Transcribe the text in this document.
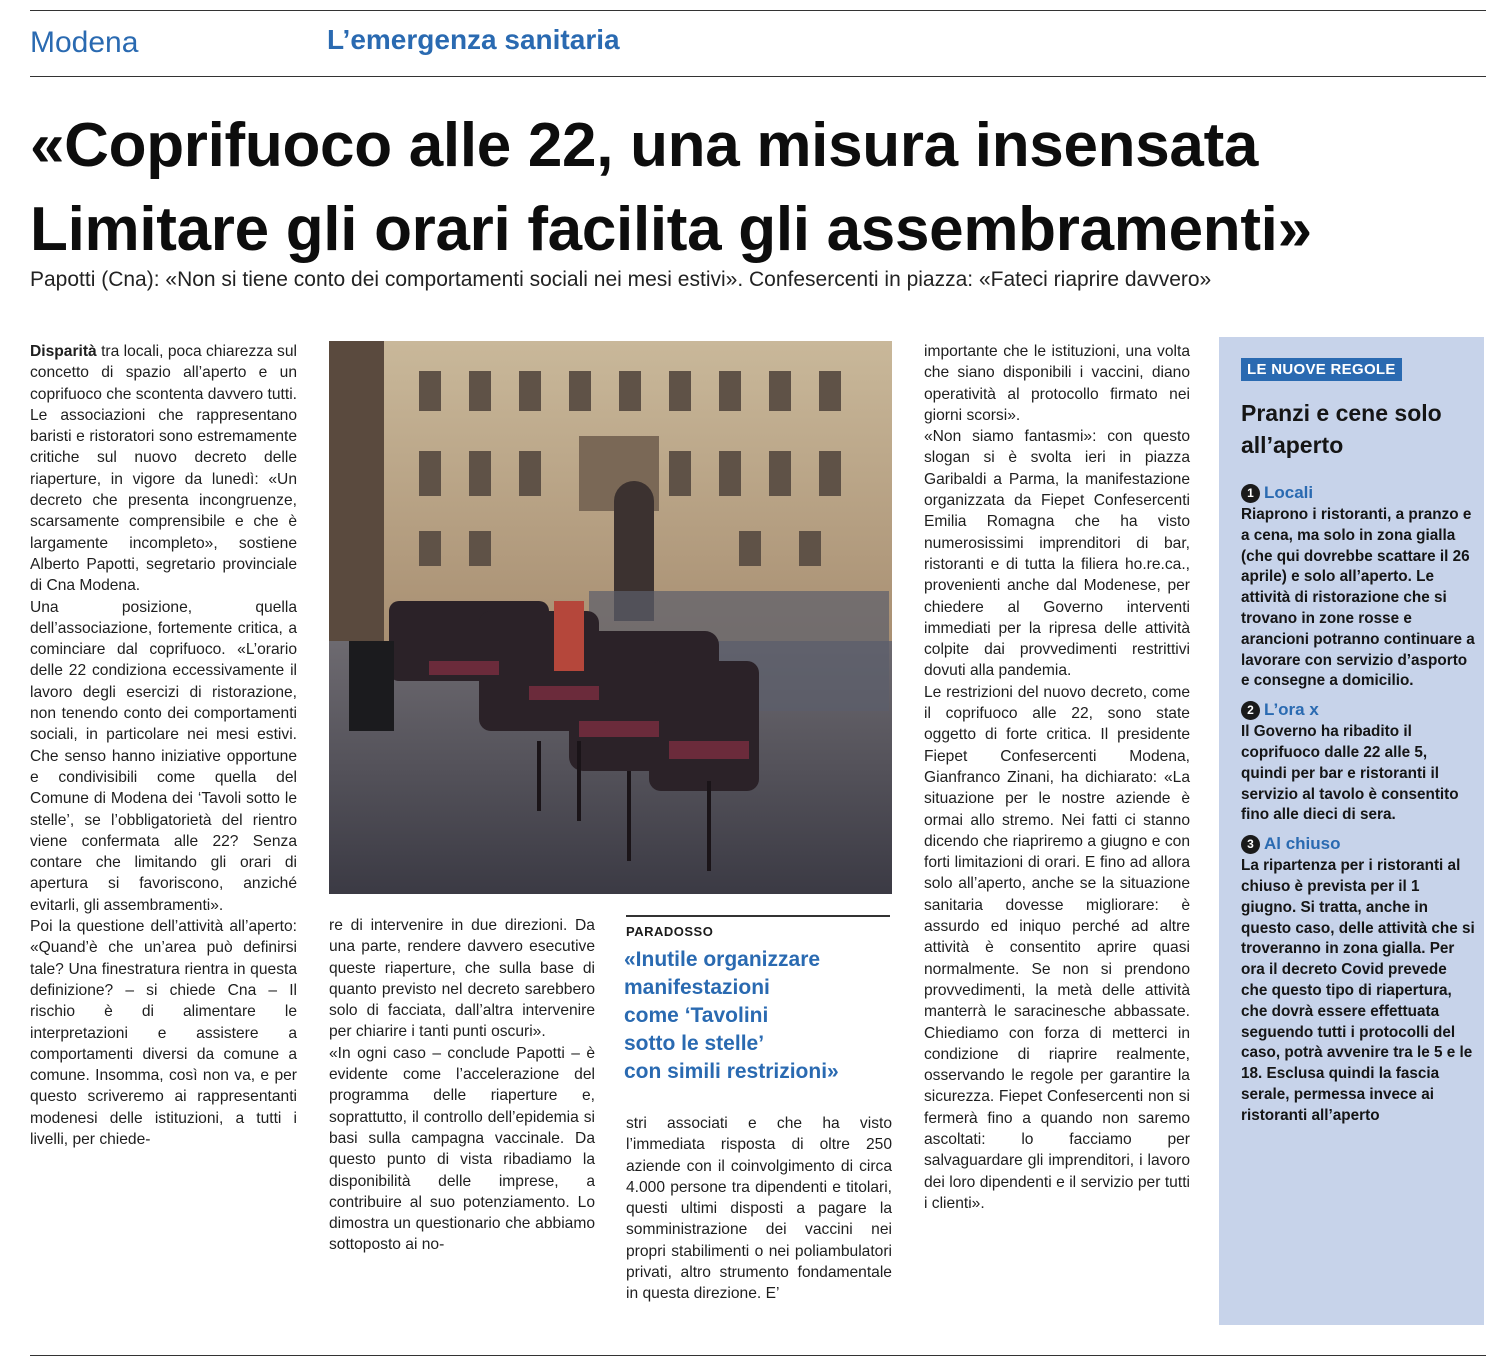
Modena	L’emergenza sanitaria
«Coprifuoco alle 22, una misura insensata
Limitare gli orari facilita gli assembramenti»
Papotti (Cna): «Non si tiene conto dei comportamenti sociali nei mesi estivi». Confesercenti in piazza: «Fateci riaprire davvero»

Disparità tra locali, poca chiarezza sul concetto di spazio all’aperto e un coprifuoco che scontenta davvero tutti. Le associazioni che rappresentano baristi e ristoratori sono estremamente critiche sul nuovo decreto delle riaperture, in vigore da lunedì: «Un decreto che presenta incongruenze, scarsamente comprensibile e che è largamente incompleto», sostiene Alberto Papotti, segretario provinciale di Cna Modena.

Una posizione, quella dell’associazione, fortemente critica, a cominciare dal coprifuoco. «L’orario delle 22 condiziona eccessivamente il lavoro degli esercizi di ristorazione, non tenendo conto dei comportamenti sociali, in particolare nei mesi estivi. Che senso hanno iniziative opportune e condivisibili come quella del Comune di Modena dei ‘Tavoli sotto le stelle’, se l’obbligatorietà del rientro viene confermata alle 22? Senza contare che limitando gli orari di apertura si favoriscono, anziché evitarli, gli assembramenti».

Poi la questione dell’attività all’aperto: «Quand’è che un’area può definirsi tale? Una finestratura rientra in questa definizione? – si chiede Cna – Il rischio è di alimentare le interpretazioni e assistere a comportamenti diversi da comune a comune. Insomma, così non va, e per questo scriveremo ai rappresentanti modenesi delle istituzioni, a tutti i livelli, per chiede-

re di intervenire in due direzioni. Da una parte, rendere davvero esecutive queste riaperture, che sulla base di quanto previsto nel decreto sarebbero solo di facciata, dall’altra intervenire per chiarire i tanti punti oscuri».

«In ogni caso – conclude Papotti – è evidente come l’accelerazione del programma delle riaperture e, soprattutto, il controllo dell’epidemia si basi sulla campagna vaccinale. Da questo punto di vista ribadiamo la disponibilità delle imprese, a contribuire al suo potenziamento. Lo dimostra un questionario che abbiamo sottoposto ai no-

PARADOSSO
«Inutile organizzare
manifestazioni
come ‘Tavolini
sotto le stelle’
con simili restrizioni»

stri associati e che ha visto l’immediata risposta di oltre 250 aziende con il coinvolgimento di circa 4.000 persone tra dipendenti e titolari, questi ultimi disposti a pagare la somministrazione dei vaccini nei propri stabilimenti o nei poliambulatori privati, altro strumento fondamentale in questa direzione. E’

importante che le istituzioni, una volta che siano disponibili i vaccini, diano operatività al protocollo firmato nei giorni scorsi».

«Non siamo fantasmi»: con questo slogan si è svolta ieri in piazza Garibaldi a Parma, la manifestazione organizzata da Fiepet Confesercenti Emilia Romagna che ha visto numerosissimi imprenditori di bar, ristoranti e di tutta la filiera ho.re.ca., provenienti anche dal Modenese, per chiedere al Governo interventi immediati per la ripresa delle attività colpite dai provvedimenti restrittivi dovuti alla pandemia.

Le restrizioni del nuovo decreto, come il coprifuoco alle 22, sono state oggetto di forte critica. Il presidente Fiepet Confesercenti Modena, Gianfranco Zinani, ha dichiarato: «La situazione per le nostre aziende è ormai allo stremo. Nei fatti ci stanno dicendo che riapriremo a giugno e con forti limitazioni di orari. E fino ad allora solo all’aperto, anche se la situazione sanitaria dovesse migliorare: è assurdo ed iniquo perché ad altre attività è consentito aprire quasi normalmente. Se non si prendono provvedimenti, la metà delle attività manterrà le saracinesche abbassate. Chiediamo con forza di metterci in condizione di riaprire realmente, osservando le regole per garantire la sicurezza. Fiepet Confesercenti non si fermerà fino a quando non saremo ascoltati: lo facciamo per salvaguardare gli imprenditori, i lavoro dei loro dipendenti e il servizio per tutti i clienti».

LE NUOVE REGOLE
Pranzi e cene solo all’aperto
1 Locali
Riaprono i ristoranti, a pranzo e a cena, ma solo in zona gialla (che qui dovrebbe scattare il 26 aprile) e solo all’aperto. Le attività di ristorazione che si trovano in zone rosse e arancioni potranno continuare a lavorare con servizio d’asporto e consegne a domicilio.
2 L’ora x
Il Governo ha ribadito il coprifuoco dalle 22 alle 5, quindi per bar e ristoranti il servizio al tavolo è consentito fino alle dieci di sera.
3 Al chiuso
La ripartenza per i ristoranti al chiuso è prevista per il 1 giugno. Si tratta, anche in questo caso, delle attività che si troveranno in zona gialla. Per ora il decreto Covid prevede che questo tipo di riapertura, che dovrà essere effettuata seguendo tutti i protocolli del caso, potrà avvenire tra le 5 e le 18. Esclusa quindi la fascia serale, permessa invece ai ristoranti all’aperto
